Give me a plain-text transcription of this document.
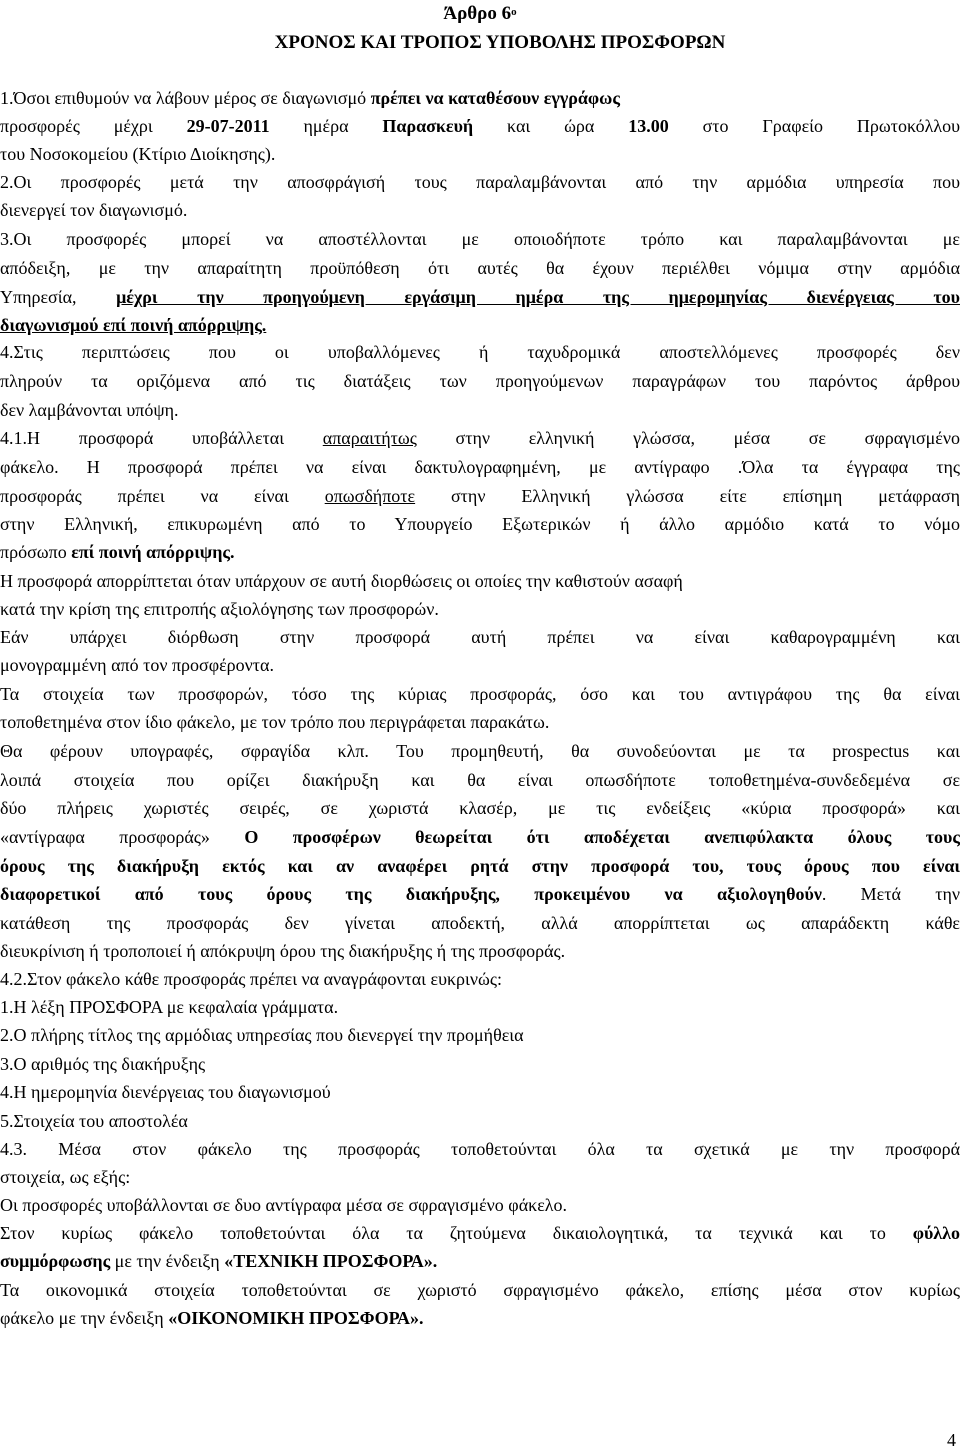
Άρθρο $6^o$
ΧΡΟΝΟΣ ΚΑΙ ΤΡΟΠΟΣ ΥΠΟΒΟΛΗΣ ΠΡΟΣΦΟΡΩΝ
1.Όσοι επιθυμούν να λάβουν μέρος σε διαγωνισμό πρέπει να καταθέσουν εγγράφως
προσφορές μέχρι 29-07-2011 ημέρα Παρασκευή και ώρα 13.00 στο Γραφείο Πρωτοκόλλου
του Νοσοκομείου (Κτίριο Διοίκησης).
2.Οι προσφορές μετά την αποσφράγισή τους παραλαμβάνονται από την αρμόδια υπηρεσία που
διενεργεί τον διαγωνισμό.
3.Οι προσφορές μπορεί να αποστέλλονται με οποιοδήποτε τρόπο και παραλαμβάνονται με
απόδειξη, με την απαραίτητη προϋπόθεση ότι αυτές θα έχουν περιέλθει νόμιμα στην αρμόδια
Υπηρεσία, μέχρι την προηγούμενη εργάσιμη ημέρα της ημερομηνίας διενέργειας του
διαγωνισμού επί ποινή απόρριψης.
4.Στις περιπτώσεις που οι υποβαλλόμενες ή ταχυδρομικά αποστελλόμενες προσφορές δεν
πληρούν τα οριζόμενα από τις διατάξεις των προηγούμενων παραγράφων του παρόντος άρθρου
δεν λαμβάνονται υπόψη.
4.1.Η προσφορά υποβάλλεται απαραιτήτως στην ελληνική γλώσσα, μέσα σε σφραγισμένο
φάκελο. Η προσφορά πρέπει να είναι δακτυλογραφημένη, με αντίγραφο .Όλα τα έγγραφα της
προσφοράς πρέπει να είναι οπωσδήποτε στην Ελληνική γλώσσα είτε επίσημη μετάφραση
στην Ελληνική, επικυρωμένη από το Υπουργείο Εξωτερικών ή άλλο αρμόδιο κατά το νόμο
πρόσωπο επί ποινή απόρριψης.
Η προσφορά απορρίπτεται όταν υπάρχουν σε αυτή διορθώσεις οι οποίες την καθιστούν ασαφή
κατά την κρίση της επιτροπής αξιολόγησης των προσφορών.
Εάν υπάρχει διόρθωση στην προσφορά αυτή πρέπει να είναι καθαρογραμμένη και
μονογραμμένη από τον προσφέροντα.
Τα στοιχεία των προσφορών, τόσο της κύριας προσφοράς, όσο και του αντιγράφου της θα είναι
τοποθετημένα στον ίδιο φάκελο, με τον τρόπο που περιγράφεται παρακάτω.
Θα φέρουν υπογραφές, σφραγίδα κλπ. Του προμηθευτή, θα συνοδεύονται με τα prospectus και
λοιπά στοιχεία που ορίζει διακήρυξη και θα είναι οπωσδήποτε τοποθετημένα-συνδεδεμένα σε
δύο πλήρεις χωριστές σειρές, σε χωριστά κλασέρ, με τις ενδείξεις «κύρια προσφορά» και
«αντίγραφα προσφοράς» Ο προσφέρων θεωρείται ότι αποδέχεται ανεπιφύλακτα όλους τους
όρους της διακήρυξη εκτός και αν αναφέρει ρητά στην προσφορά του, τους όρους που είναι
διαφορετικοί από τους όρους της διακήρυξης, προκειμένου να αξιολογηθούν. Μετά την
κατάθεση της προσφοράς δεν γίνεται αποδεκτή, αλλά απορρίπτεται ως απαράδεκτη κάθε
διευκρίνιση ή τροποποιεί ή απόκρυψη όρου της διακήρυξης ή της προσφοράς.
4.2.Στον φάκελο κάθε προσφοράς πρέπει να αναγράφονται ευκρινώς:
1.Η λέξη ΠΡΟΣΦΟΡΑ με κεφαλαία γράμματα.
2.Ο πλήρης τίτλος της αρμόδιας υπηρεσίας που διενεργεί την προμήθεια
3.Ο αριθμός της διακήρυξης
4.Η ημερομηνία διενέργειας του διαγωνισμού
5.Στοιχεία του αποστολέα
4.3. Μέσα στον φάκελο της προσφοράς τοποθετούνται όλα τα σχετικά με την προσφορά
στοιχεία, ως εξής:
Οι προσφορές υποβάλλονται σε δυο αντίγραφα μέσα σε σφραγισμένο φάκελο.
Στον κυρίως φάκελο τοποθετούνται όλα τα ζητούμενα δικαιολογητικά, τα τεχνικά και το φύλλο
συμμόρφωσης με την ένδειξη «ΤΕΧΝΙΚΗ ΠΡΟΣΦΟΡΑ».
Τα οικονομικά στοιχεία τοποθετούνται σε χωριστό σφραγισμένο φάκελο, επίσης μέσα στον κυρίως
φάκελο με την ένδειξη «ΟΙΚΟΝΟΜΙΚΗ ΠΡΟΣΦΟΡΑ».
4
